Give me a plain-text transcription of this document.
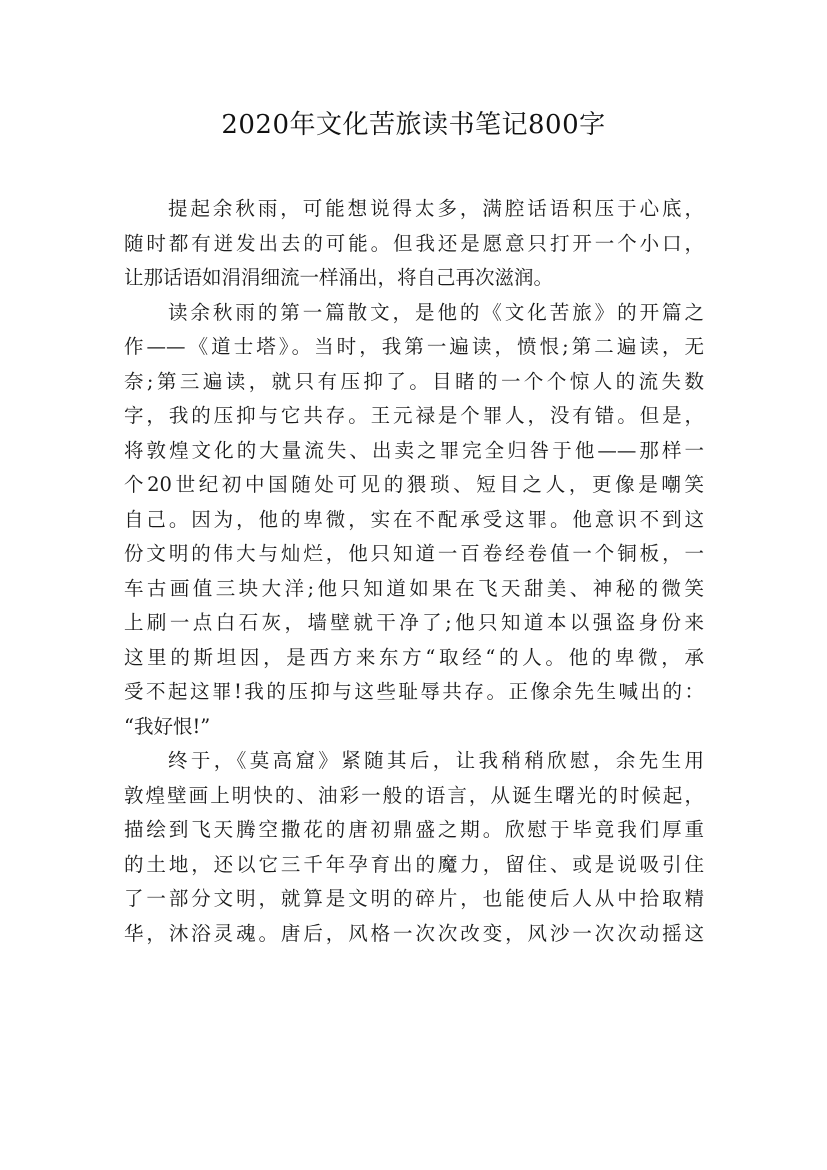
2020年文化苦旅读书笔记800字
提起余秋雨，可能想说得太多，满腔话语积压于心底，
随时都有迸发出去的可能。但我还是愿意只打开一个小口，
让那话语如涓涓细流一样涌出，将自己再次滋润。
读余秋雨的第一篇散文，是他的《文化苦旅》的开篇之
作——《道士塔》。当时，我第一遍读，愤恨;第二遍读，无
奈;第三遍读，就只有压抑了。目睹的一个个惊人的流失数
字，我的压抑与它共存。王元禄是个罪人，没有错。但是，
将敦煌文化的大量流失、出卖之罪完全归咎于他——那样一
个20世纪初中国随处可见的猥琐、短目之人，更像是嘲笑
自己。因为，他的卑微，实在不配承受这罪。他意识不到这
份文明的伟大与灿烂，他只知道一百卷经卷值一个铜板，一
车古画值三块大洋;他只知道如果在飞天甜美、神秘的微笑
上刷一点白石灰，墙壁就干净了;他只知道本以强盗身份来
这里的斯坦因，是西方来东方“取经“的人。他的卑微，承
受不起这罪!我的压抑与这些耻辱共存。正像余先生喊出的：
“我好恨!”
终于，《莫高窟》紧随其后，让我稍稍欣慰，余先生用
敦煌壁画上明快的、油彩一般的语言，从诞生曙光的时候起，
描绘到飞天腾空撒花的唐初鼎盛之期。欣慰于毕竟我们厚重
的土地，还以它三千年孕育出的魔力，留住、或是说吸引住
了一部分文明，就算是文明的碎片，也能使后人从中拾取精
华，沐浴灵魂。唐后，风格一次次改变，风沙一次次动摇这
